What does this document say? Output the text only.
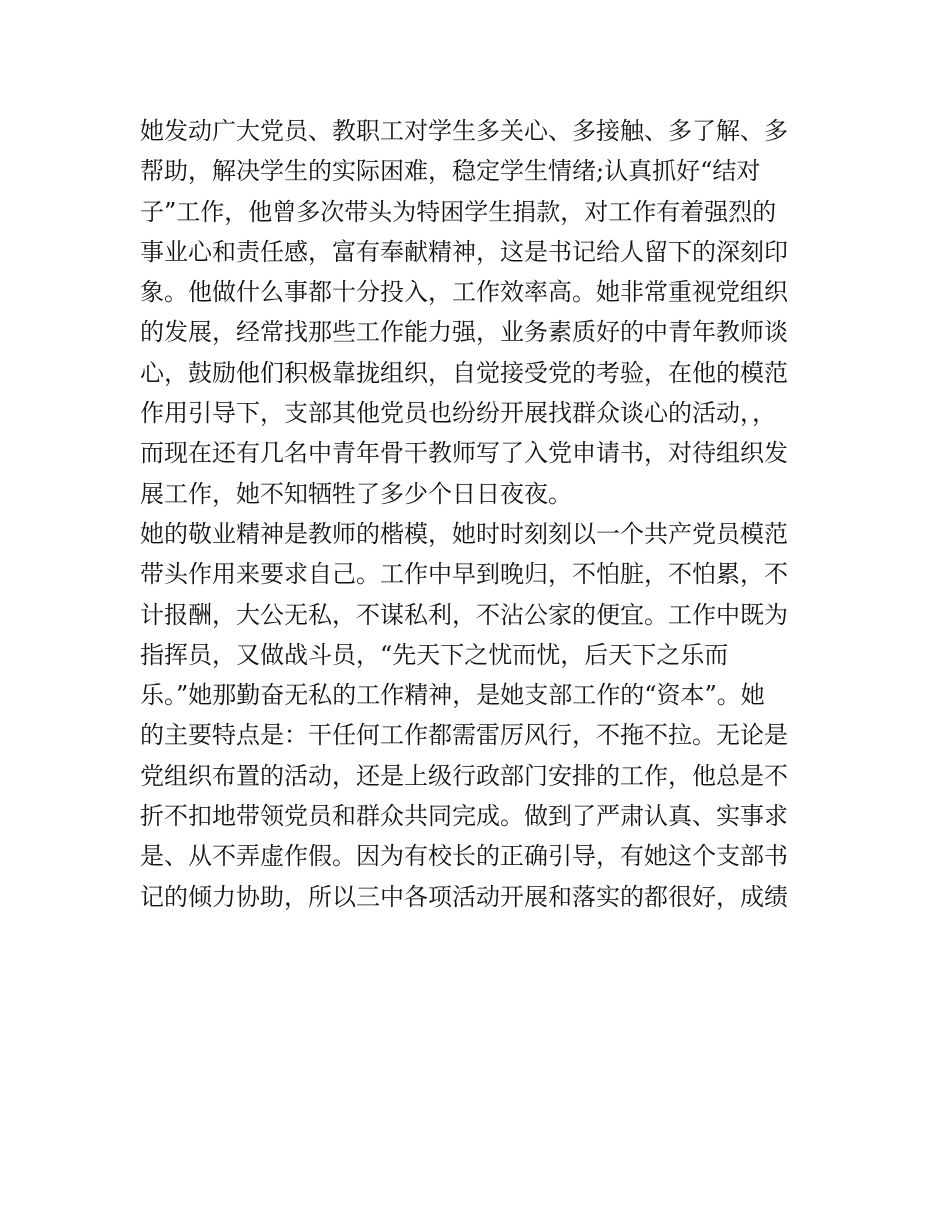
她发动广大党员、教职工对学生多关心、多接触、多了解、多
帮助，解决学生的实际困难，稳定学生情绪;认真抓好“结对
子”工作，他曾多次带头为特困学生捐款，对工作有着强烈的
事业心和责任感，富有奉献精神，这是书记给人留下的深刻印
象。他做什么事都十分投入，工作效率高。她非常重视党组织
的发展，经常找那些工作能力强，业务素质好的中青年教师谈
心，鼓励他们积极靠拢组织，自觉接受党的考验，在他的模范
作用引导下，支部其他党员也纷纷开展找群众谈心的活动，，
而现在还有几名中青年骨干教师写了入党申请书，对待组织发
展工作，她不知牺牲了多少个日日夜夜。
她的敬业精神是教师的楷模，她时时刻刻以一个共产党员模范
带头作用来要求自己。工作中早到晚归，不怕脏，不怕累，不
计报酬，大公无私，不谋私利，不沾公家的便宜。工作中既为
指挥员，又做战斗员，“先天下之忧而忧，后天下之乐而
乐。”她那勤奋无私的工作精神，是她支部工作的“资本”。她
的主要特点是：干任何工作都需雷厉风行，不拖不拉。无论是
党组织布置的活动，还是上级行政部门安排的工作，他总是不
折不扣地带领党员和群众共同完成。做到了严肃认真、实事求
是、从不弄虚作假。因为有校长的正确引导，有她这个支部书
记的倾力协助，所以三中各项活动开展和落实的都很好，成绩
